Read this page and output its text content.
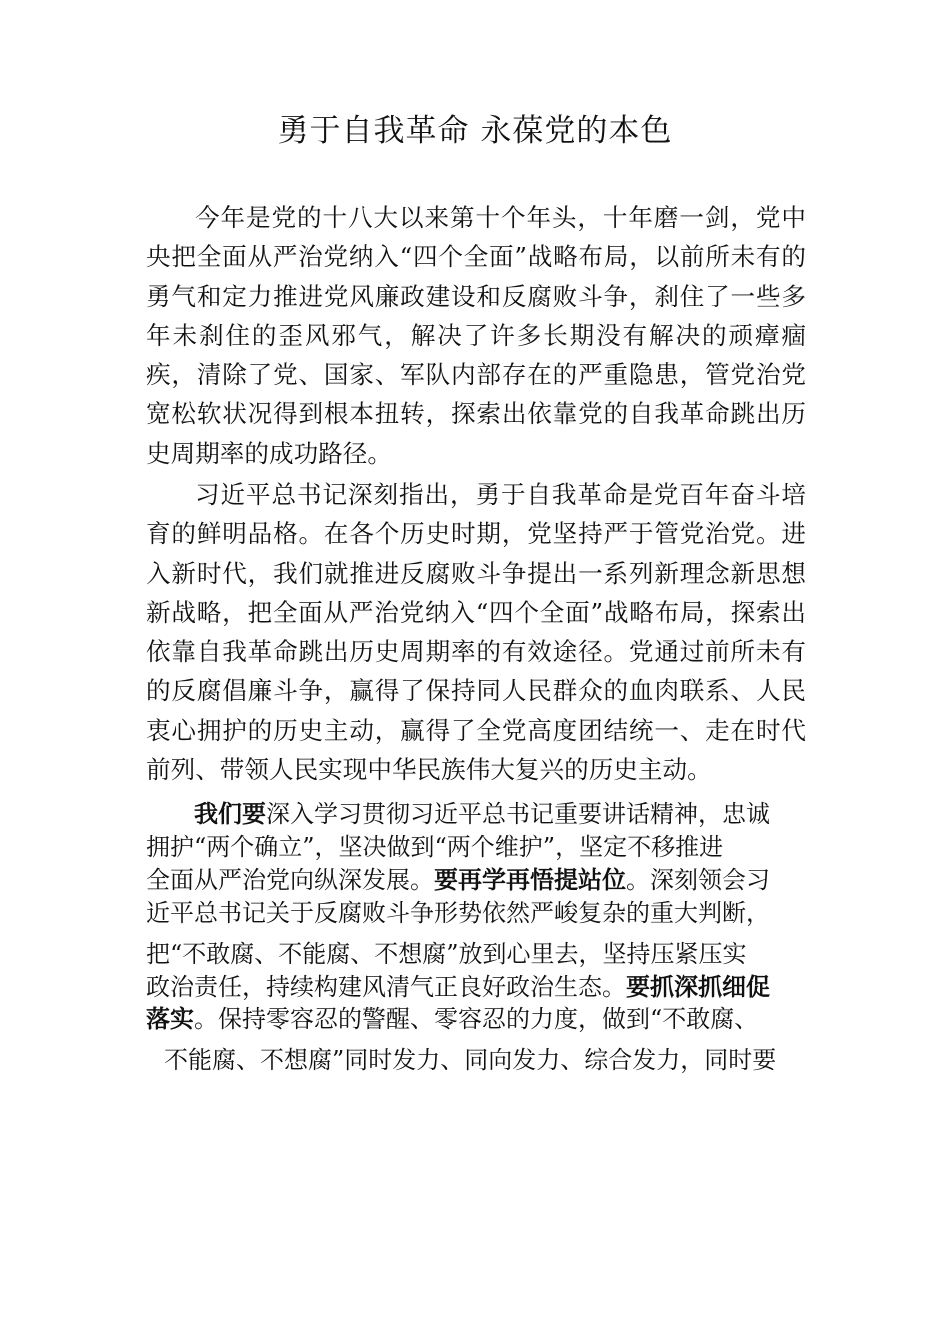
勇于自我革命 永葆党的本色

今年是党的十八大以来第十个年头，十年磨一剑，党中央把全面从严治党纳入“四个全面”战略布局，以前所未有的勇气和定力推进党风廉政建设和反腐败斗争，刹住了一些多年未刹住的歪风邪气，解决了许多长期没有解决的顽瘴痼疾，清除了党、国家、军队内部存在的严重隐患，管党治党宽松软状况得到根本扭转，探索出依靠党的自我革命跳出历史周期率的成功路径。

习近平总书记深刻指出，勇于自我革命是党百年奋斗培育的鲜明品格。在各个历史时期，党坚持严于管党治党。进入新时代，我们就推进反腐败斗争提出一系列新理念新思想新战略，把全面从严治党纳入“四个全面”战略布局，探索出依靠自我革命跳出历史周期率的有效途径。党通过前所未有的反腐倡廉斗争，赢得了保持同人民群众的血肉联系、人民衷心拥护的历史主动，赢得了全党高度团结统一、走在时代前列、带领人民实现中华民族伟大复兴的历史主动。

我们要深入学习贯彻习近平总书记重要讲话精神，忠诚
拥护“两个确立”，坚决做到“两个维护”，坚定不移推进
全面从严治党向纵深发展。要再学再悟提站位。深刻领会习
近平总书记关于反腐败斗争形势依然严峻复杂的重大判断，
把“不敢腐、不能腐、不想腐”放到心里去，坚持压紧压实
政治责任，持续构建风清气正良好政治生态。要抓深抓细促
落实。保持零容忍的警醒、零容忍的力度，做到“不敢腐、
不能腐、不想腐”同时发力、同向发力、综合发力，同时要
